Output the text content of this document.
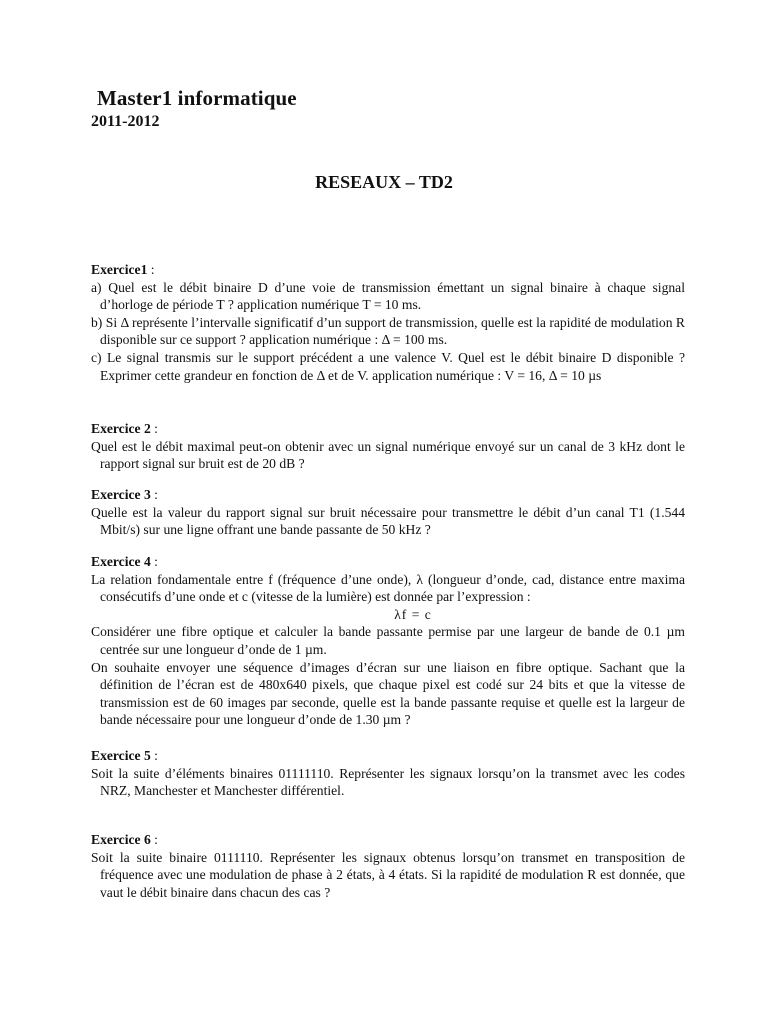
Master1 informatique
2011-2012
RESEAUX – TD2

Exercice1 :

a) Quel est le débit binaire D d’une voie de transmission émettant un signal binaire à chaque signal d’horloge de période T ? application numérique T = 10 ms.

b) Si Δ représente l’intervalle significatif d’un support de transmission, quelle est la rapidité de modulation R disponible sur ce support ? application numérique : Δ = 100 ms.

c) Le signal transmis sur le support précédent a une valence V. Quel est le débit binaire D disponible ? Exprimer cette grandeur en fonction de Δ et de V. application numérique : V = 16, Δ = 10 µs

Exercice 2 :

Quel est le débit maximal peut-on obtenir avec un signal numérique envoyé sur un canal de 3 kHz dont le rapport signal sur bruit est de 20 dB ?

Exercice 3 :

Quelle est la valeur du rapport signal sur bruit nécessaire pour transmettre le débit d’un canal T1 (1.544 Mbit/s) sur une ligne offrant une bande passante de 50 kHz ?

Exercice 4 :

La relation fondamentale entre f (fréquence d’une onde), λ (longueur d’onde, cad, distance entre maxima consécutifs d’une onde et c (vitesse de la lumière) est donnée par l’expression :

λf = c

Considérer une fibre optique et calculer la bande passante permise par une largeur de bande de 0.1 µm centrée sur une longueur d’onde de 1 µm.

On souhaite envoyer une séquence d’images d’écran sur une liaison en fibre optique. Sachant que la définition de l’écran est de 480x640 pixels, que chaque pixel est codé sur 24 bits et que la vitesse de transmission est de 60 images par seconde, quelle est la bande passante requise et quelle est la largeur de bande nécessaire pour une longueur d’onde de 1.30 µm ?

Exercice 5 :

Soit la suite d’éléments binaires 01111110. Représenter les signaux lorsqu’on la transmet avec les codes NRZ, Manchester et Manchester différentiel.

Exercice 6 :

Soit la suite binaire 0111110. Représenter les signaux obtenus lorsqu’on transmet en transposition de fréquence avec une modulation de phase à 2 états, à 4 états. Si la rapidité de modulation R est donnée, que vaut le débit binaire dans chacun des cas ?
